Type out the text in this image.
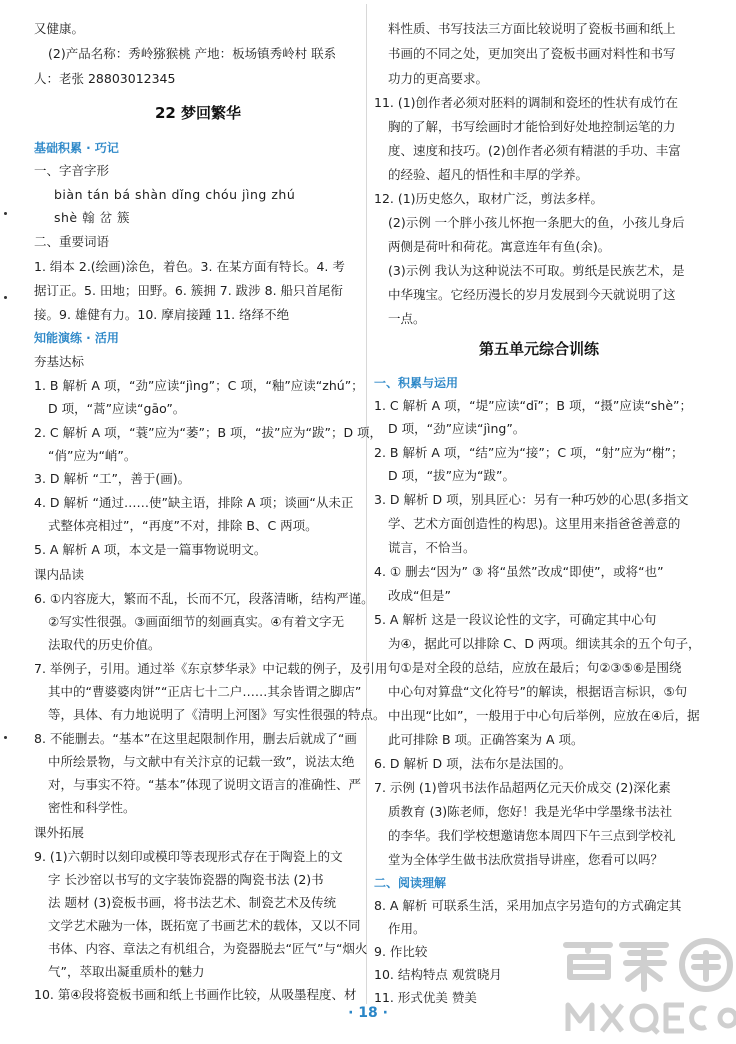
又健康。
(2)产品名称：秀岭猕猴桃 产地：板场镇秀岭村 联系
人：老张 28803012345
22 梦回繁华
基础积累 · 巧记
一、字音字形
biàn tán bá shàn dǐng chóu jìng zhú
shè 翰 岔 簇
二、重要词语
1. 绢本 2.(绘画)涂色，着色。3. 在某方面有特长。4. 考
据订正。5. 田地；田野。6. 簇拥 7. 跋涉 8. 船只首尾衔
接。9. 雄健有力。10. 摩肩接踵 11. 络绎不绝
知能演练 · 活用
夯基达标
1. B 解析 A 项，“劲”应读“jìng”；C 项，“釉”应读“zhú”；
D 项，“蒿”应读“gāo”。
2. C 解析 A 项，“蓑”应为“萎”；B 项，“拔”应为“跋”；D 项，
“俏”应为“峭”。
3. D 解析 “工”，善于(画)。
4. D 解析 “通过……使”缺主语，排除 A 项；谈画“从未正
式整体亮相过”，“再度”不对，排除 B、C 两项。
5. A 解析 A 项，本文是一篇事物说明文。
课内品读
6. ①内容庞大，繁而不乱，长而不冗，段落清晰，结构严谨。
②写实性很强。③画面细节的刻画真实。④有着文字无
法取代的历史价值。
7. 举例子，引用。通过举《东京梦华录》中记载的例子，及引用
其中的“曹婆婆肉饼”“正店七十二户……其余皆谓之脚店”
等，具体、有力地说明了《清明上河图》写实性很强的特点。
8. 不能删去。“基本”在这里起限制作用，删去后就成了“画
中所绘景物，与文献中有关汴京的记载一致”，说法太绝
对，与事实不符。“基本”体现了说明文语言的准确性、严
密性和科学性。
课外拓展
9. (1)六朝时以刻印或模印等表现形式存在于陶瓷上的文
字 长沙窑以书写的文字装饰瓷器的陶瓷书法 (2)书
法 题材 (3)瓷板书画，将书法艺术、制瓷艺术及传统
文学艺术融为一体，既拓宽了书画艺术的载体，又以不同
书体、内容、章法之有机组合，为瓷器脱去“匠气”与“烟火
气”，萃取出凝重质朴的魅力
10. 第④段将瓷板书画和纸上书画作比较，从吸墨程度、材
料性质、书写技法三方面比较说明了瓷板书画和纸上
书画的不同之处，更加突出了瓷板书画对料性和书写
功力的更高要求。
11. (1)创作者必须对胚料的调制和瓷坯的性状有成竹在
胸的了解，书写绘画时才能恰到好处地控制运笔的力
度、速度和技巧。(2)创作者必须有精湛的手功、丰富
的经验、超凡的悟性和丰厚的学养。
12. (1)历史悠久，取材广泛，剪法多样。
(2)示例 一个胖小孩儿怀抱一条肥大的鱼，小孩儿身后
两侧是荷叶和荷花。寓意连年有鱼(余)。
(3)示例 我认为这种说法不可取。剪纸是民族艺术，是
中华瑰宝。它经历漫长的岁月发展到今天就说明了这
一点。
第五单元综合训练
一、积累与运用
1. C 解析 A 项，“堤”应读“dī”；B 项，“摄”应读“shè”；
D 项，“劲”应读“jìng”。
2. B 解析 A 项，“结”应为“接”；C 项，“射”应为“榭”；
D 项，“拔”应为“跋”。
3. D 解析 D 项，别具匠心：另有一种巧妙的心思(多指文
学、艺术方面创造性的构思)。这里用来指爸爸善意的
谎言，不恰当。
4. ① 删去“因为” ③ 将“虽然”改成“即使”，或将“也”
改成“但是”
5. A 解析 这是一段议论性的文字，可确定其中心句
为④，据此可以排除 C、D 两项。细读其余的五个句子，
句①是对全段的总结，应放在最后；句②③⑤⑥是围绕
中心句对算盘“文化符号”的解读，根据语言标识，⑤句
中出现“比如”，一般用于中心句后举例，应放在④后，据
此可排除 B 项。正确答案为 A 项。
6. D 解析 D 项，法布尔是法国的。
7. 示例 (1)曾巩书法作品超两亿元天价成交 (2)深化素
质教育 (3)陈老师，您好！我是光华中学墨缘书法社
的李华。我们学校想邀请您本周四下午三点到学校礼
堂为全体学生做书法欣赏指导讲座，您看可以吗？
二、阅读理解
8. A 解析 可联系生活，采用加点字另造句的方式确定其
作用。
9. 作比较
10. 结构特点 观赏晓月
11. 形式优美 赞美
· 18 ·
